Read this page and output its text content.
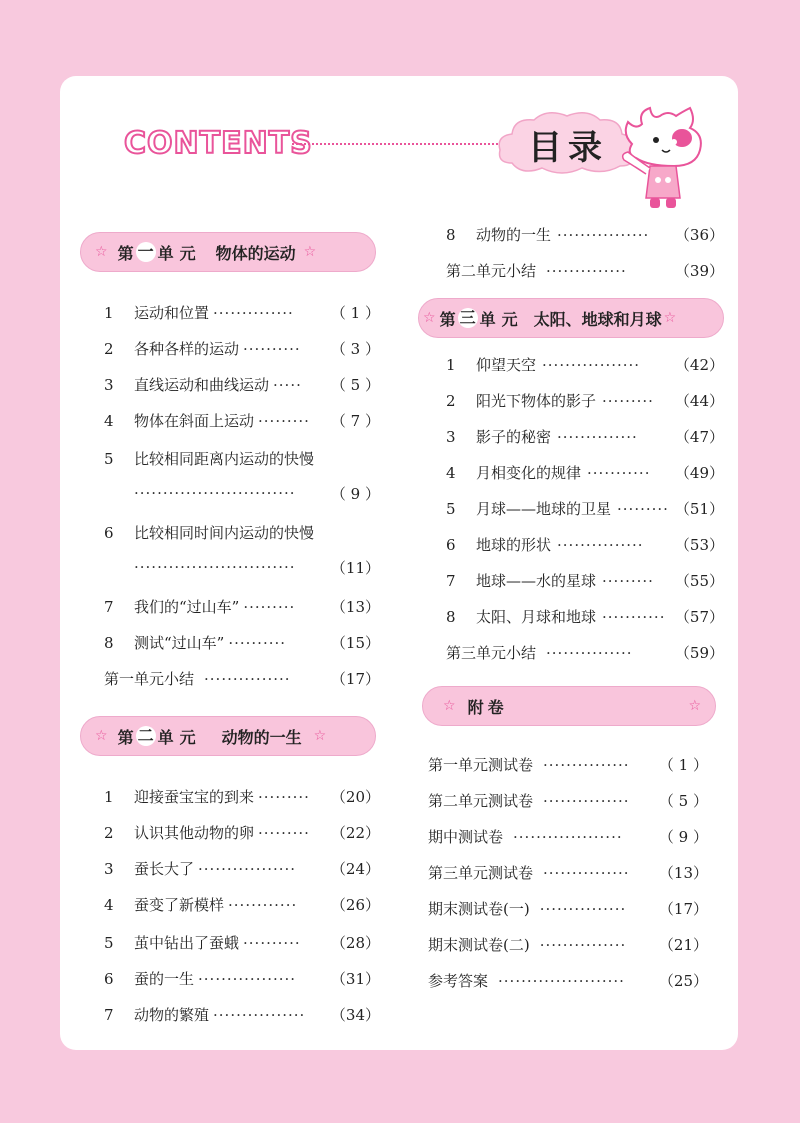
CONTENTS	目录
☆ 第 一 单元 物体的运动 ☆
1	运动和位置 ·············· （ 1 ）
2	各种各样的运动 ·········· （ 3 ）
3	直线运动和曲线运动 ····· （ 5 ）
4	物体在斜面上运动 ········· （ 7 ）
5	比较相同距离内运动的快慢
···························· （ 9 ）
6	比较相同时间内运动的快慢
···························· （11）
7	我们的“过山车” ········· （13）
8	测试“过山车” ··········	（15）
第一单元小结 ···············	（17）
☆ 第 二 单元 动物的一生 ☆
1	迎接蚕宝宝的到来 ········· （20）
2	认识其他动物的卵 ········· （22）
3	蚕长大了 ················· （24）
4	蚕变了新模样 ············ （26）
5	茧中钻出了蚕蛾 ·········· （28）
6	蚕的一生 ················· （31）
7	动物的繁殖 ················ （34）
8	动物的一生 ················ （36）
第二单元小结 ··············	（39）
☆ 第 三 单元 太阳、地球和月球 ☆
1	仰望天空 ················· （42）
2	阳光下物体的影子 ········· （44）
3	影子的秘密 ·············· （47）
4	月相变化的规律 ··········· （49）
5	月球——地球的卫星 ········· （51）
6	地球的形状 ··············· （53）
7	地球——水的星球 ········· （55）
8	太阳、月球和地球 ··········· （57）
第三单元小结 ···············	（59）
☆ 附卷	☆
第一单元测试卷 ··············· （ 1 ）
第二单元测试卷 ··············· （ 5 ）
期中测试卷 ··················· （ 9 ）
第三单元测试卷 ··············· （13）
期末测试卷(一) ··············· （17）
期末测试卷(二) ··············· （21）
参考答案 ······················ （25）
